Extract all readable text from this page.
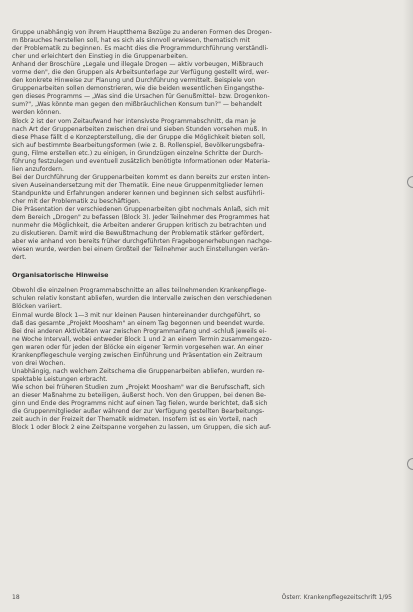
Gruppe unabhängig von ihrem Hauptthema Bezüge zu anderen Formen des Drogen-
m ßbrauches herstellen soll, hat es sich als sinnvoll erwiesen, thematisch mit
der Problematik zu beginnen. Es macht dies die Programmdurchführung verständli-
cher und erleichtert den Einstieg in die Gruppenarbeiten.

Anhand der Broschüre „Legale und illegale Drogen — aktiv vorbeugen, Mißbrauch
vorme den", die den Gruppen als Arbeitsunterlage zur Verfügung gestellt wird, wer-
den konkrete Hinweise zur Planung und Durchführung vermittelt. Beispiele von
Gruppenarbeiten sollen demonstrieren, wie die beiden wesentlichen Eingangsthe-
gen dieses Programms — „Was sind die Ursachen für Genußmittel- bzw. Drogenkon-
sum?", „Was könnte man gegen den mißbräuchlichen Konsum tun?" — behandelt
werden können.

Block 2 ist der vom Zeitaufwand her intensivste Programmabschnitt, da man je
nach Art der Gruppenarbeiten zwischen drei und sieben Stunden vorsehen muß. In
diese Phase fällt d e Konzepterstellung, die der Gruppe die Möglichkeit bieten soll,
sich auf bestimmte Bearbeitungsformen (wie z. B. Rollenspiel, Bevölkerungsbefra-
gung, Filme erstellen etc.) zu einigen, in Grundzügen einzelne Schritte der Durch-
führung festzulegen und eventuell zusätzlich benötigte Informationen oder Materia-
lien anzufordern.

Bei der Durchführung der Gruppenarbeiten kommt es dann bereits zur ersten inten-
siven Auseinandersetzung mit der Thematik. Eine neue Gruppenmitglieder lernen
Standpunkte und Erfahrungen anderer kennen und beginnen sich selbst ausführli-
cher mit der Problematik zu beschäftigen.

Die Präsentation der verschiedenen Gruppenarbeiten gibt nochmals Anlaß, sich mit
dem Bereich „Drogen" zu befassen (Block 3). Jeder Teilnehmer des Programmes hat
nunmehr die Möglichkeit, die Arbeiten anderer Gruppen kritisch zu betrachten und
zu diskutieren. Damit wird die Bewußtmachung der Problematik stärker gefördert,
aber wie anhand von bereits früher durchgeführten Fragebogenerhebungen nachge-
wiesen wurde, werden bei einem Großteil der Teilnehmer auch Einstellungen verän-
dert.

Organisatorische Hinweise

Obwohl die einzelnen Programmabschnitte an alles teilnehmenden Krankenpflege-
schulen relativ konstant abliefen, wurden die Intervalle zwischen den verschiedenen
Blöcken variiert.

Einmal wurde Block 1—3 mit nur kleinen Pausen hintereinander durchgeführt, so
daß das gesamte „Projekt Moosham" an einem Tag begonnen und beendet wurde.
Bei drei anderen Aktivitäten war zwischen Programmanfang und -schluß jeweils ei-
ne Woche Intervall, wobei entweder Block 1 und 2 an einem Termin zusammengezo-
gen waren oder für jeden der Blöcke ein eigener Termin vorgesehen war. An einer
Krankenpflegeschule verging zwischen Einführung und Präsentation ein Zeitraum
von drei Wochen.

Unabhängig, nach welchem Zeitschema die Gruppenarbeiten abliefen, wurden re-
spektable Leistungen erbracht.

Wie schon bei früheren Studien zum „Projekt Moosham" war die Berufsschaft, sich
an dieser Maßnahme zu beteiligen, äußerst hoch. Von den Gruppen, bei denen Be-
ginn und Ende des Programms nicht auf einen Tag fielen, wurde berichtet, daß sich
die Gruppenmitglieder außer während der zur Verfügung gestellten Bearbeitungs-
zeit auch in der Freizeit der Thematik widmeten. Insofern ist es ein Vorteil, nach
Block 1 oder Block 2 eine Zeitspanne vorgehen zu lassen, um Gruppen, die sich auf-

18	Österr. Krankenpflegezeitschrift 1/95
